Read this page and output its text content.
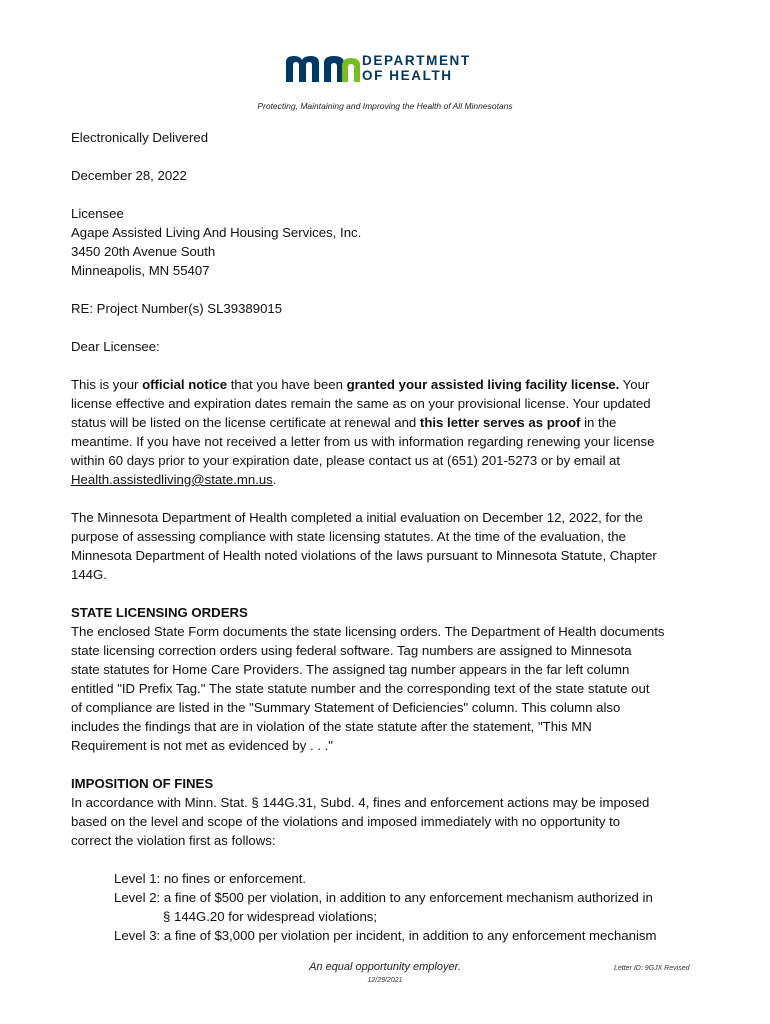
DEPARTMENT
OF HEALTH
Protecting, Maintaining and Improving the Health of All Minnesotans

Electronically Delivered

December 28, 2022

Licensee

Agape Assisted Living And Housing Services, Inc.

3450 20th Avenue South

Minneapolis, MN 55407

RE: Project Number(s) SL39389015

Dear Licensee:

This is your official notice that you have been granted your assisted living facility license. Your

license effective and expiration dates remain the same as on your provisional license. Your updated

status will be listed on the license certificate at renewal and this letter serves as proof in the

meantime. If you have not received a letter from us with information regarding renewing your license

within 60 days prior to your expiration date, please contact us at (651) 201-5273 or by email at

Health.assistedliving@state.mn.us.

The Minnesota Department of Health completed a initial evaluation on December 12, 2022, for the

purpose of assessing compliance with state licensing statutes. At the time of the evaluation, the

Minnesota Department of Health noted violations of the laws pursuant to Minnesota Statute, Chapter

144G.

STATE LICENSING ORDERS

The enclosed State Form documents the state licensing orders. The Department of Health documents

state licensing correction orders using federal software. Tag numbers are assigned to Minnesota

state statutes for Home Care Providers. The assigned tag number appears in the far left column

entitled "ID Prefix Tag." The state statute number and the corresponding text of the state statute out

of compliance are listed in the "Summary Statement of Deficiencies" column. This column also

includes the findings that are in violation of the state statute after the statement, "This MN

Requirement is not met as evidenced by . . ."

IMPOSITION OF FINES

In accordance with Minn. Stat. § 144G.31, Subd. 4, fines and enforcement actions may be imposed

based on the level and scope of the violations and imposed immediately with no opportunity to

correct the violation first as follows:

Level 1: no fines or enforcement.

Level 2: a fine of $500 per violation, in addition to any enforcement mechanism authorized in

§ 144G.20 for widespread violations;

Level 3: a fine of $3,000 per violation per incident, in addition to any enforcement mechanism

An equal opportunity employer.
12/29/2021
Letter ID: 9GJX Revised
